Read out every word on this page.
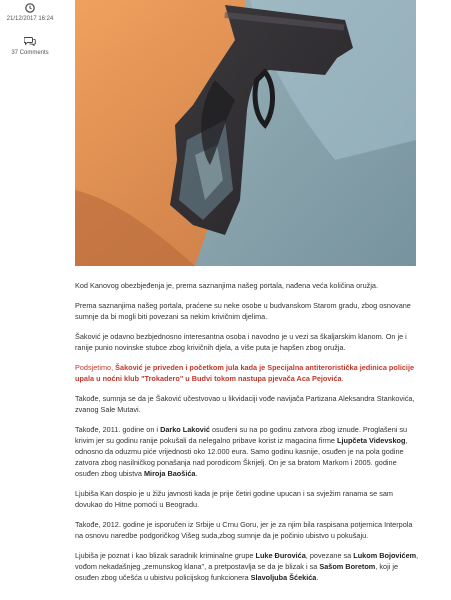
21/12/2017 16:24
37 Comments

Kod Kanovog obezbjeđenja je, prema saznanjima našeg portala, nađena veća količina oružja.

Prema saznanjima našeg portala, praćene su neke osobe u budvanskom Starom gradu, zbog osnovane sumnje da bi mogli biti povezani sa nekim krivičnim djelima.

Šaković je odavno bezbjednosno interesantna osoba i navodno je u vezi sa škaljarskim klanom. On je i ranije punio novinske stubce zbog krivičnih djela, a više puta je hapšen zbog oružja.

Podsjetimo, Šaković je priveden i početkom jula kada je Specijalna antiteroristička jedinica policije upala u noćni klub "Trokadero" u Budvi tokom nastupa pjevača Aca Pejovića.

Takođe, sumnja se da je Šaković učestvovao u likvidaciji vođe navijača Partizana Aleksandra Stankovića, zvanog Sale Mutavi.

Takođe, 2011. godine on i Darko Laković osuđeni su na po godinu zatvora zbog iznude. Proglašeni su krivim jer su godinu ranije pokušali da nelegalno pribave korist iz magacina firme Ljupčeta Videvskog, odnosno da oduzmu piće vrijednosti oko 12.000 eura. Samo godinu kasnije, osuđen je na pola godine zatvora zbog nasilničkog ponašanja nad porodicom Škrijelj. On je sa bratom Markom i 2005. godine osuđen zbog ubistva Miroja Baošića.

Ljubiša Kan dospio je u žižu javnosti kada je prije četiri godine upucan i sa svježim ranama se sam dovukao do Hitne pomoći u Beogradu.

Takođe, 2012. godine je isporučen iz Srbije u Crnu Goru, jer je za njim bila raspisana potjernica Interpola na osnovu naredbe podgoričkog Višeg suda,zbog sumnje da je počinio ubistvo u pokušaju.

Ljubiša je poznat i kao blizak saradnik kriminalne grupe Luke Đurovića, povezane sa Lukom Bojovićem, vođom nekadašnjeg „zemunskog klana", a pretpostavlja se da je blizak i sa Sašom Boretom, koji je osuđen zbog učešća u ubistvu policijskog funkcionera Slavoljuba Šćekića.
